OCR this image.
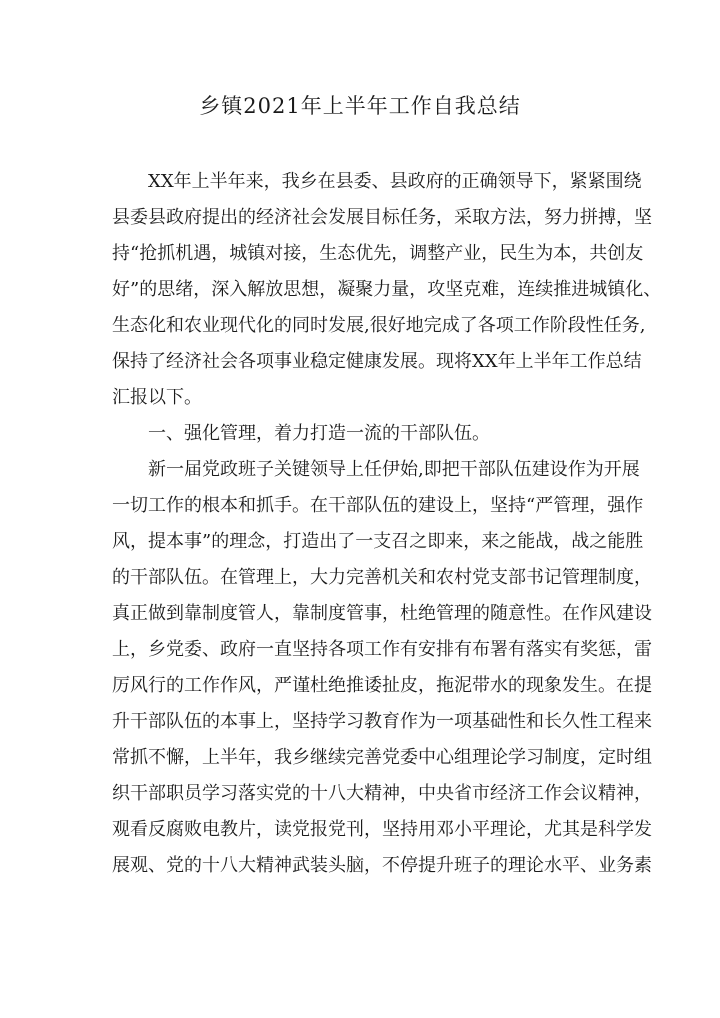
乡镇2021年上半年工作自我总结
XX年上半年来，我乡在县委、县政府的正确领导下，紧紧围绕
县委县政府提出的经济社会发展目标任务，采取方法，努力拼搏，坚
持“抢抓机遇，城镇对接，生态优先，调整产业，民生为本，共创友
好”的思绪，深入解放思想，凝聚力量，攻坚克难，连续推进城镇化、
生态化和农业现代化的同时发展,很好地完成了各项工作阶段性任务,
保持了经济社会各项事业稳定健康发展。现将XX年上半年工作总结
汇报以下。
一、强化管理，着力打造一流的干部队伍。
新一届党政班子关键领导上任伊始,即把干部队伍建设作为开展
一切工作的根本和抓手。在干部队伍的建设上，坚持“严管理，强作
风，提本事”的理念，打造出了一支召之即来，来之能战，战之能胜
的干部队伍。在管理上，大力完善机关和农村党支部书记管理制度，
真正做到靠制度管人，靠制度管事，杜绝管理的随意性。在作风建设
上，乡党委、政府一直坚持各项工作有安排有布署有落实有奖惩，雷
厉风行的工作作风，严谨杜绝推诿扯皮，拖泥带水的现象发生。在提
升干部队伍的本事上，坚持学习教育作为一项基础性和长久性工程来
常抓不懈，上半年，我乡继续完善党委中心组理论学习制度，定时组
织干部职员学习落实党的十八大精神，中央省市经济工作会议精神，
观看反腐败电教片，读党报党刊，坚持用邓小平理论，尤其是科学发
展观、党的十八大精神武装头脑，不停提升班子的理论水平、业务素
